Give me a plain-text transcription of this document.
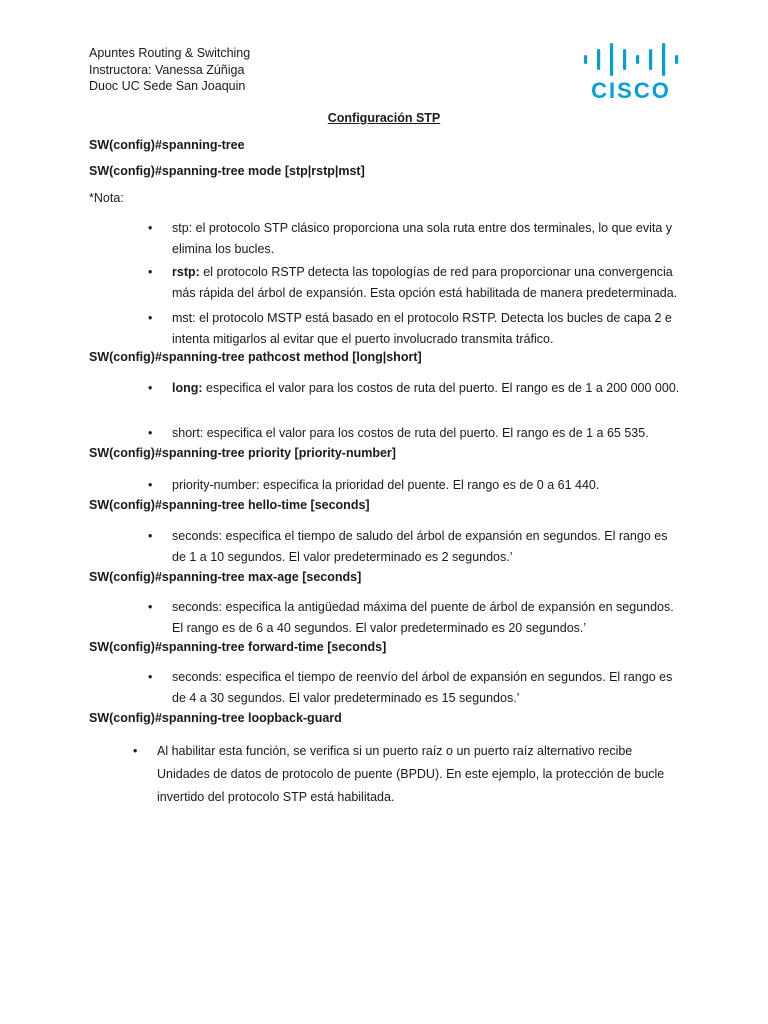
Apuntes Routing & Switching
Instructora: Vanessa Zúñiga
Duoc UC Sede San Joaquin	CISCO
Configuración STP
SW(config)#spanning-tree
SW(config)#spanning-tree mode [stp|rstp|mst]
*Nota:
• stp: el protocolo STP clásico proporciona una sola ruta entre dos terminales, lo que evita y elimina los bucles.
• rstp: el protocolo RSTP detecta las topologías de red para proporcionar una convergencia más rápida del árbol de expansión. Esta opción está habilitada de manera predeterminada.
• mst: el protocolo MSTP está basado en el protocolo RSTP. Detecta los bucles de capa 2 e intenta mitigarlos al evitar que el puerto involucrado transmita tráfico.
SW(config)#spanning-tree pathcost method [long|short]
• long: especifica el valor para los costos de ruta del puerto. El rango es de 1 a 200 000 000.
• short: especifica el valor para los costos de ruta del puerto. El rango es de 1 a 65 535.
SW(config)#spanning-tree priority [priority-number]
• priority-number: especifica la prioridad del puente. El rango es de 0 a 61 440.
SW(config)#spanning-tree hello-time [seconds]
• seconds: especifica el tiempo de saludo del árbol de expansión en segundos. El rango es de 1 a 10 segundos. El valor predeterminado es 2 segundos.’
SW(config)#spanning-tree max-age [seconds]
• seconds: especifica la antigüedad máxima del puente de árbol de expansión en segundos. El rango es de 6 a 40 segundos. El valor predeterminado es 20 segundos.’
SW(config)#spanning-tree forward-time [seconds]
• seconds: especifica el tiempo de reenvío del árbol de expansión en segundos. El rango es de 4 a 30 segundos. El valor predeterminado es 15 segundos.’
SW(config)#spanning-tree loopback-guard
• Al habilitar esta función, se verifica si un puerto raíz o un puerto raíz alternativo recibe Unidades de datos de protocolo de puente (BPDU). En este ejemplo, la protección de bucle invertido del protocolo STP está habilitada.
